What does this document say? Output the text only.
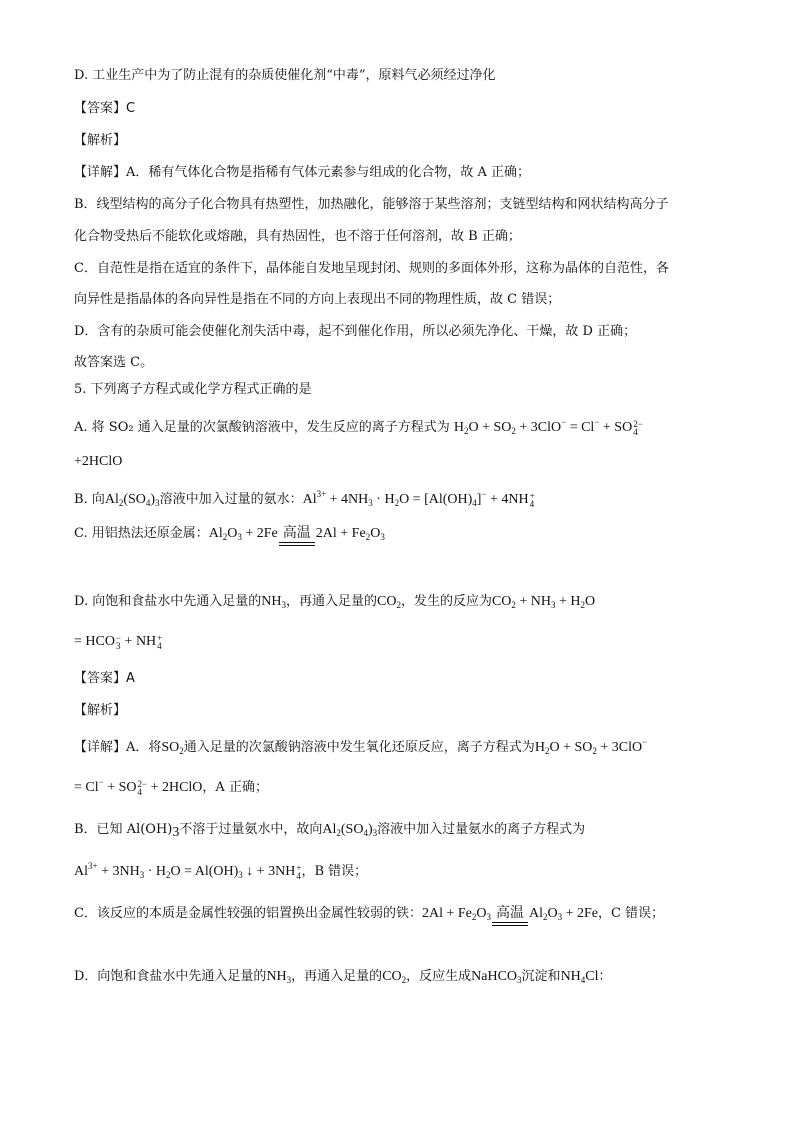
D. 工业生产中为了防止混有的杂质使催化剂“中毒”，原料气必须经过净化
【答案】C
【解析】
【详解】A．稀有气体化合物是指稀有气体元素参与组成的化合物，故 A 正确；
B．线型结构的高分子化合物具有热塑性，加热融化，能够溶于某些溶剂；支链型结构和网状结构高分子
化合物受热后不能软化或熔融，具有热固性，也不溶于任何溶剂，故 B 正确；
C．自范性是指在适宜的条件下，晶体能自发地呈现封闭、规则的多面体外形，这称为晶体的自范性，各
向异性是指晶体的各向异性是指在不同的方向上表现出不同的物理性质，故 C 错误；
D．含有的杂质可能会使催化剂失活中毒，起不到催化作用，所以必须先净化、干燥，故 D 正确；
故答案选 C。
5. 下列离子方程式或化学方程式正确的是
A. 将 SO₂ 通入足量的次氯酸钠溶液中，发生反应的离子方程式为 $H_2O + SO_2 + 3ClO^- = Cl^-$ + SO 2−
4
+2HClO
B. 向$Al_2(SO_4)_3$溶液中加入过量的氨水：$Al^{3+} + 4NH_3 \cdot H_2O = [Al(OH)_4]^- + 4NH$ +
4
C. 用铝热法还原金属：$Al_2O_3 + 2Fe$ 高温 $2Al + Fe_2O_3$
D. 向饱和食盐水中先通入足量的$NH_3$，再通入足量的$CO_2$，发生的反应为$CO_2 + NH_3 + H_2O$
= HCO −
3 + NH +
4
【答案】A
【解析】
【详解】A．将$SO_2$通入足量的次氯酸钠溶液中发生氧化还原反应，离子方程式为$H_2O + SO_2 + 3ClO^-$
= Cl− + SO 2−
4 + 2HClO，A 正确；
B．已知 $Al(OH)_3$不溶于过量氨水中，故向$Al_2(SO_4)_3$溶液中加入过量氨水的离子方程式为
$Al^{3+} + 3NH_3 \cdot H_2O = Al(OH)_3$ ↓ + 3NH +
4 ，B 错误；
C．该反应的本质是金属性较强的铝置换出金属性较弱的铁：$2Al + Fe_2O_3$ 高温 $Al_2O_3 + 2Fe$，C 错误；
D．向饱和食盐水中先通入足量的$NH_3$，再通入足量的$CO_2$，反应生成NaHCO$_3$沉淀和$NH_4Cl$：
